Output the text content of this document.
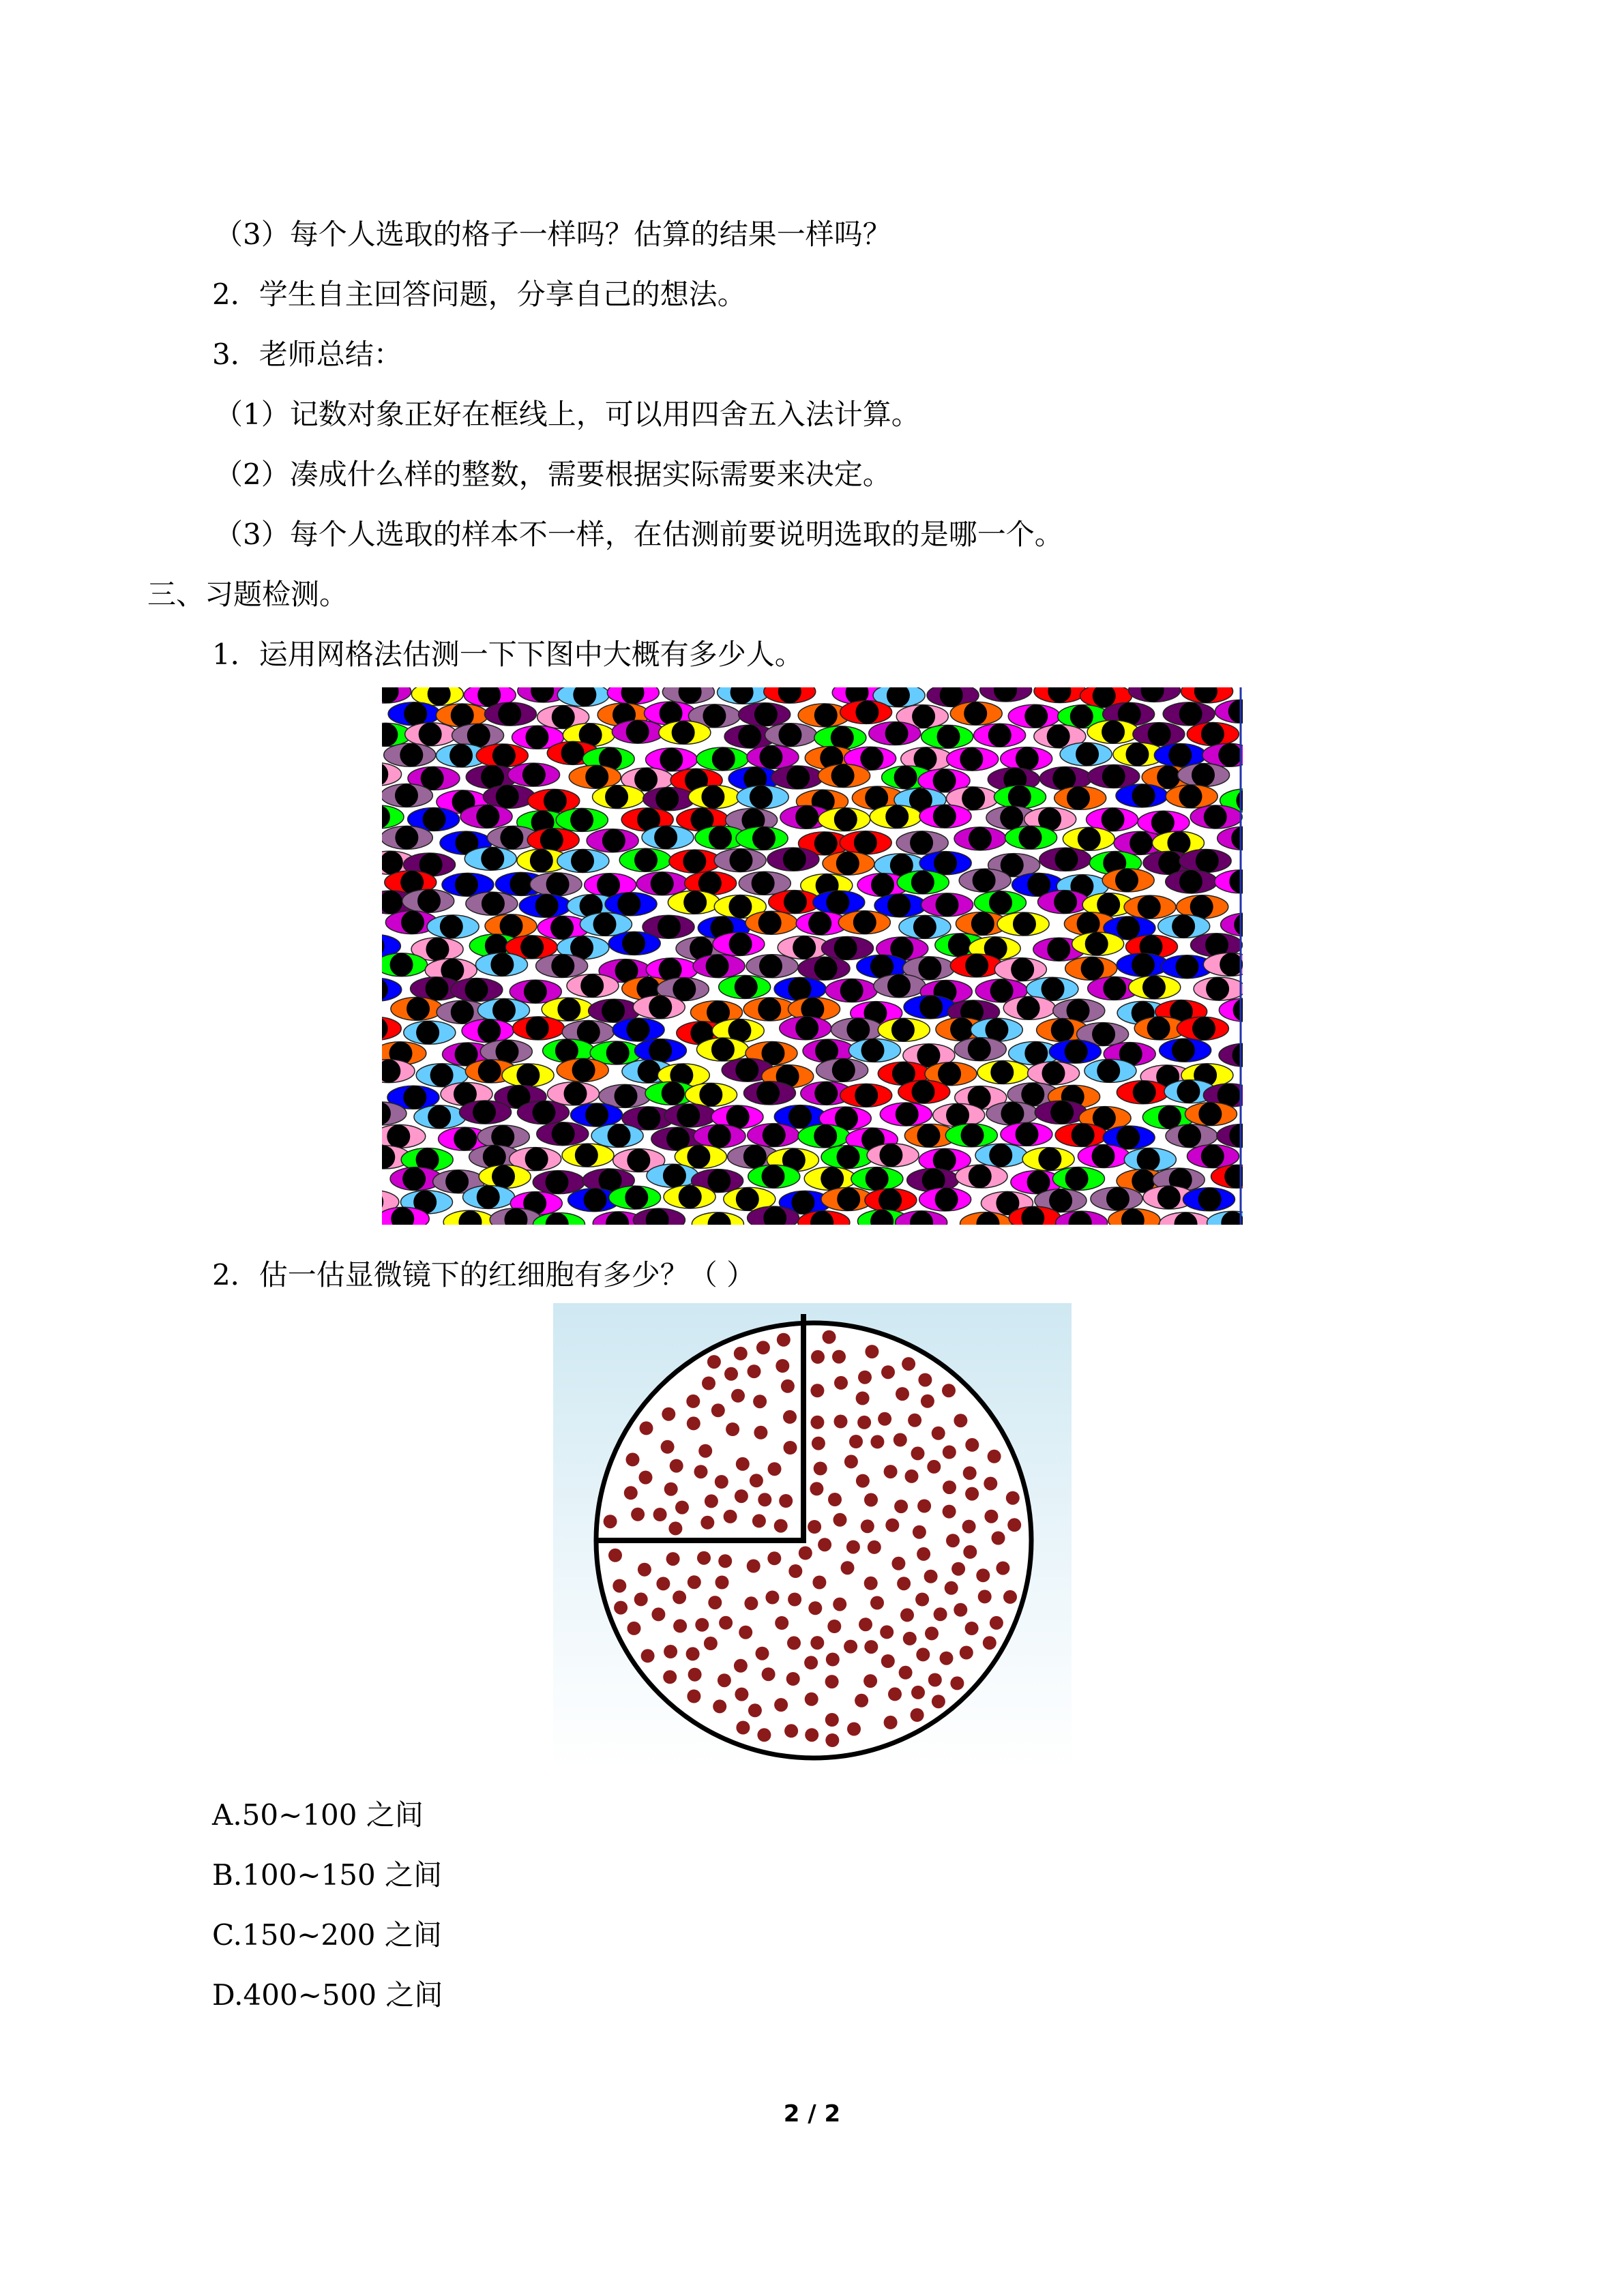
（3）每个人选取的格子一样吗？估算的结果一样吗？
2．学生自主回答问题，分享自己的想法。
3．老师总结：
（1）记数对象正好在框线上，可以用四舍五入法计算。
（2）凑成什么样的整数，需要根据实际需要来决定。
（3）每个人选取的样本不一样，在估测前要说明选取的是哪一个。
三、习题检测。
1．运用网格法估测一下下图中大概有多少人。
2．估一估显微镜下的红细胞有多少？（ ）
A.50~100 之间
B.100~150 之间
C.150~200 之间
D.400~500 之间
2 / 2
